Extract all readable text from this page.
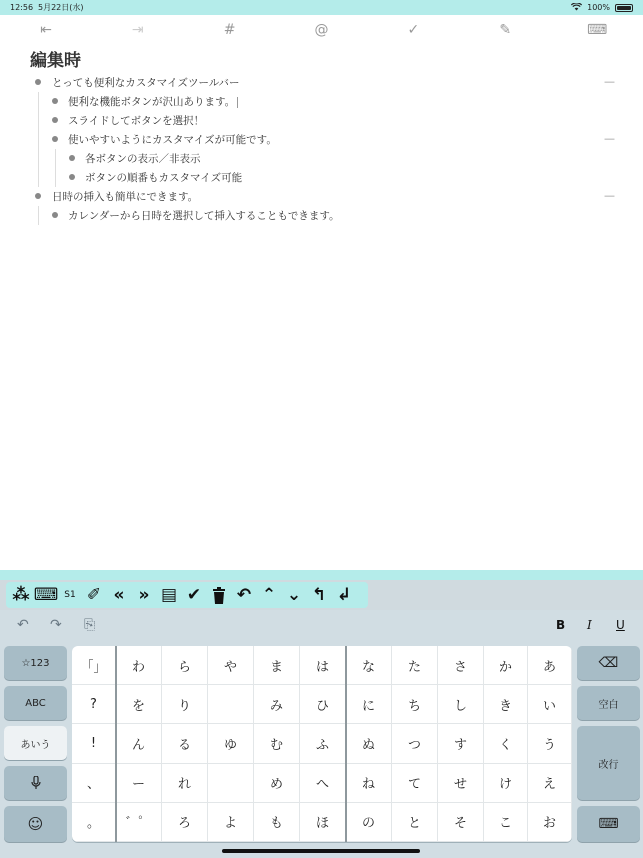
12:56 5月22日(水)	100%
⇤	⇥	#	@	✓	✎	⌨
編集時
とっても便利なカスタマイズツールバー	—
便利な機能ボタンが沢山あります。
スライドしてボタンを選択！
使いやすいようにカスタマイズが可能です。	—
各ボタンの表示／非表示
ボタンの順番もカスタマイズ可能
日時の挿入も簡単にできます。	—
カレンダーから日時を選択して挿入することもできます。
⁂ ⌨ S1 ✐ « » ▤ ✔ ↶ ⌃ ⌄ ↰ ↲
↶ ↷ ⎘	B I U
☆123
ABC
あいう
☺
「」	わ	ら	や	ま	は	な	た	さ	か	あ
?	を	り	み	ひ	に	ち	し	き	い
!	ん	る	ゆ	む	ふ	ぬ	つ	す	く	う
、	ー	れ	め	へ	ね	て	せ	け	え
。	゛゜	ろ	よ	も	ほ	の	と	そ	こ	お
⌫
空白
改行
⌨
